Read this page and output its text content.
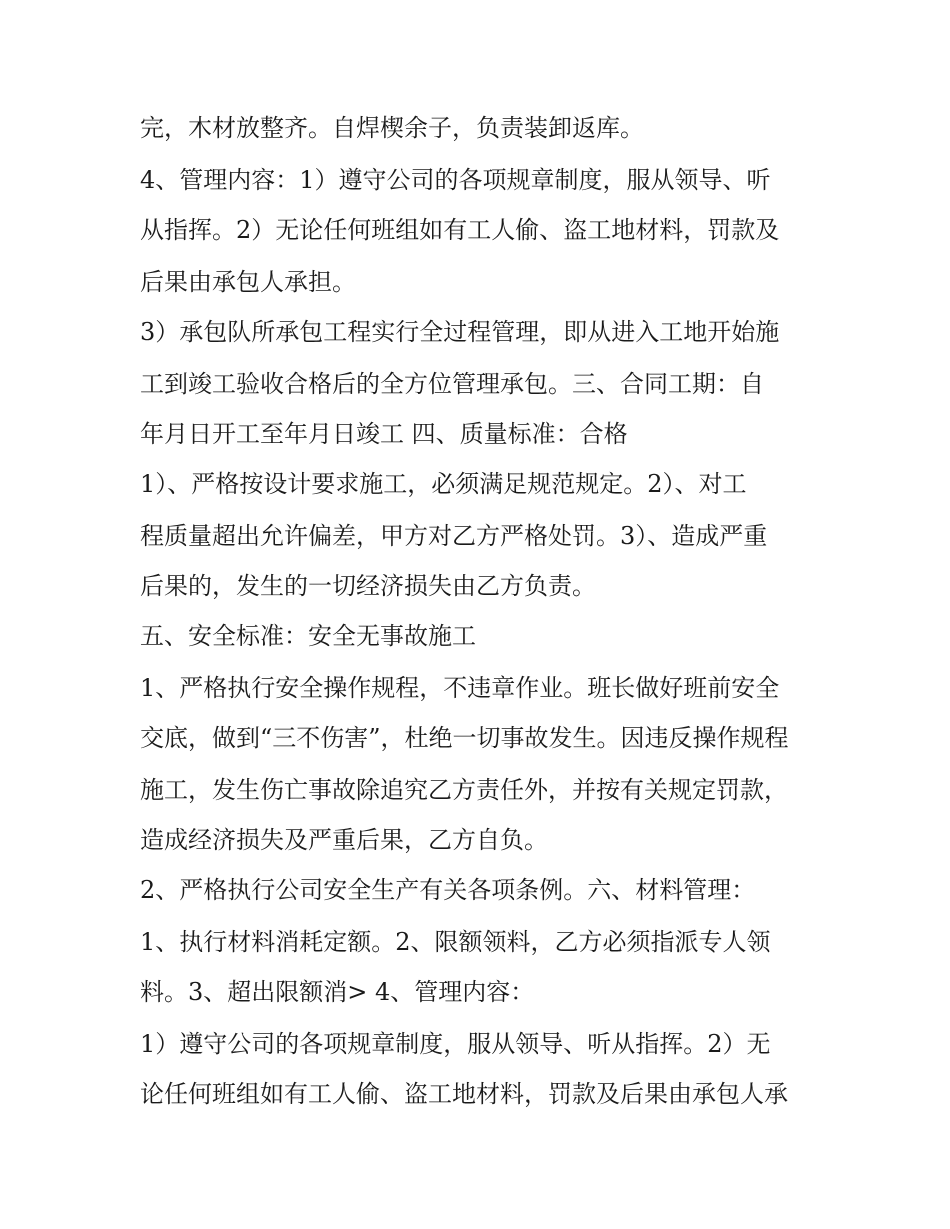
完，木材放整齐。自焊楔余子，负责装卸返库。

4、管理内容：1）遵守公司的各项规章制度，服从领导、听

从指挥。2）无论任何班组如有工人偷、盗工地材料，罚款及

后果由承包人承担。

3）承包队所承包工程实行全过程管理，即从进入工地开始施

工到竣工验收合格后的全方位管理承包。三、合同工期：自

年月日开工至年月日竣工 四、质量标准：合格

1）、严格按设计要求施工，必须满足规范规定。2）、对工

程质量超出允许偏差，甲方对乙方严格处罚。3）、造成严重

后果的，发生的一切经济损失由乙方负责。

五、安全标准：安全无事故施工

1、严格执行安全操作规程，不违章作业。班长做好班前安全

交底，做到“三不伤害”，杜绝一切事故发生。因违反操作规程

施工，发生伤亡事故除追究乙方责任外，并按有关规定罚款，

造成经济损失及严重后果，乙方自负。

2、严格执行公司安全生产有关各项条例。六、材料管理：

1、执行材料消耗定额。2、限额领料，乙方必须指派专人领

料。3、超出限额消> 4、管理内容：

1）遵守公司的各项规章制度，服从领导、听从指挥。2）无

论任何班组如有工人偷、盗工地材料，罚款及后果由承包人承
